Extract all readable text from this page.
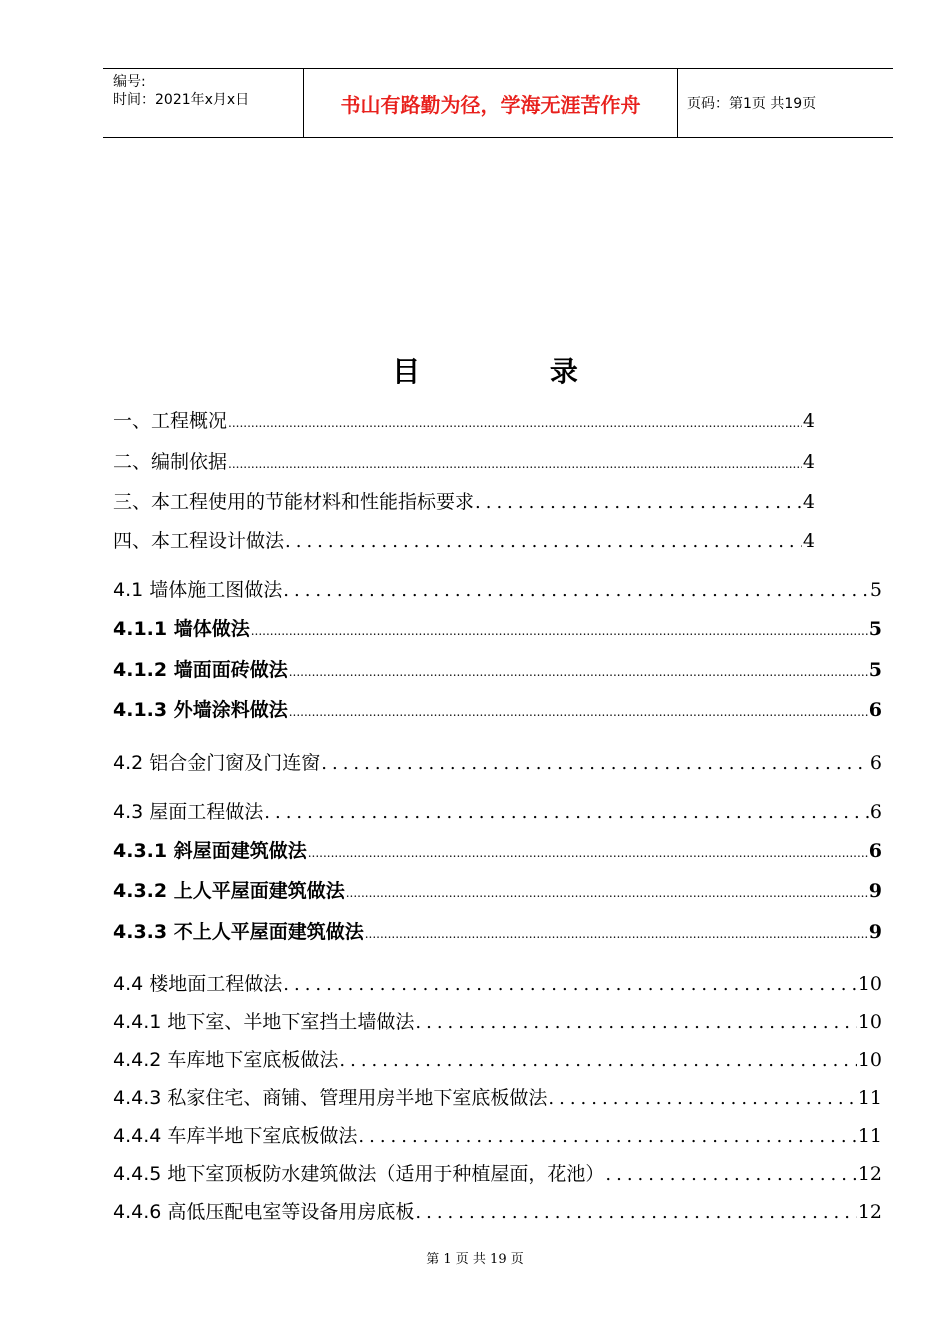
编号:
时间：2021年x月x日	书山有路勤为径，学海无涯苦作舟	页码：第1页 共19页
目 录
一、工程概况 .....	4
二、编制依据 .....	4
三、本工程使用的节能材料和性能指标要求 .....	4
四、本工程设计做法 .....	4
4.1 墙体施工图做法 .....	5
4.1.1 墙体做法 .....	5
4.1.2 墙面面砖做法 .....	5
4.1.3 外墙涂料做法 .....	6
4.2 铝合金门窗及门连窗 .....	6
4.3 屋面工程做法 .....	6
4.3.1 斜屋面建筑做法 .....	6
4.3.2 上人平屋面建筑做法 .....	9
4.3.3 不上人平屋面建筑做法 .....	9
4.4 楼地面工程做法 .....	10
4.4.1 地下室、半地下室挡土墙做法 .....	10
4.4.2 车库地下室底板做法 .....	10
4.4.3 私家住宅、商铺、管理用房半地下室底板做法 .....	11
4.4.4 车库半地下室底板做法 .....	11
4.4.5 地下室顶板防水建筑做法（适用于种植屋面，花池） .....	12
4.4.6 高低压配电室等设备用房底板 .....	12
第 1 页 共 19 页
